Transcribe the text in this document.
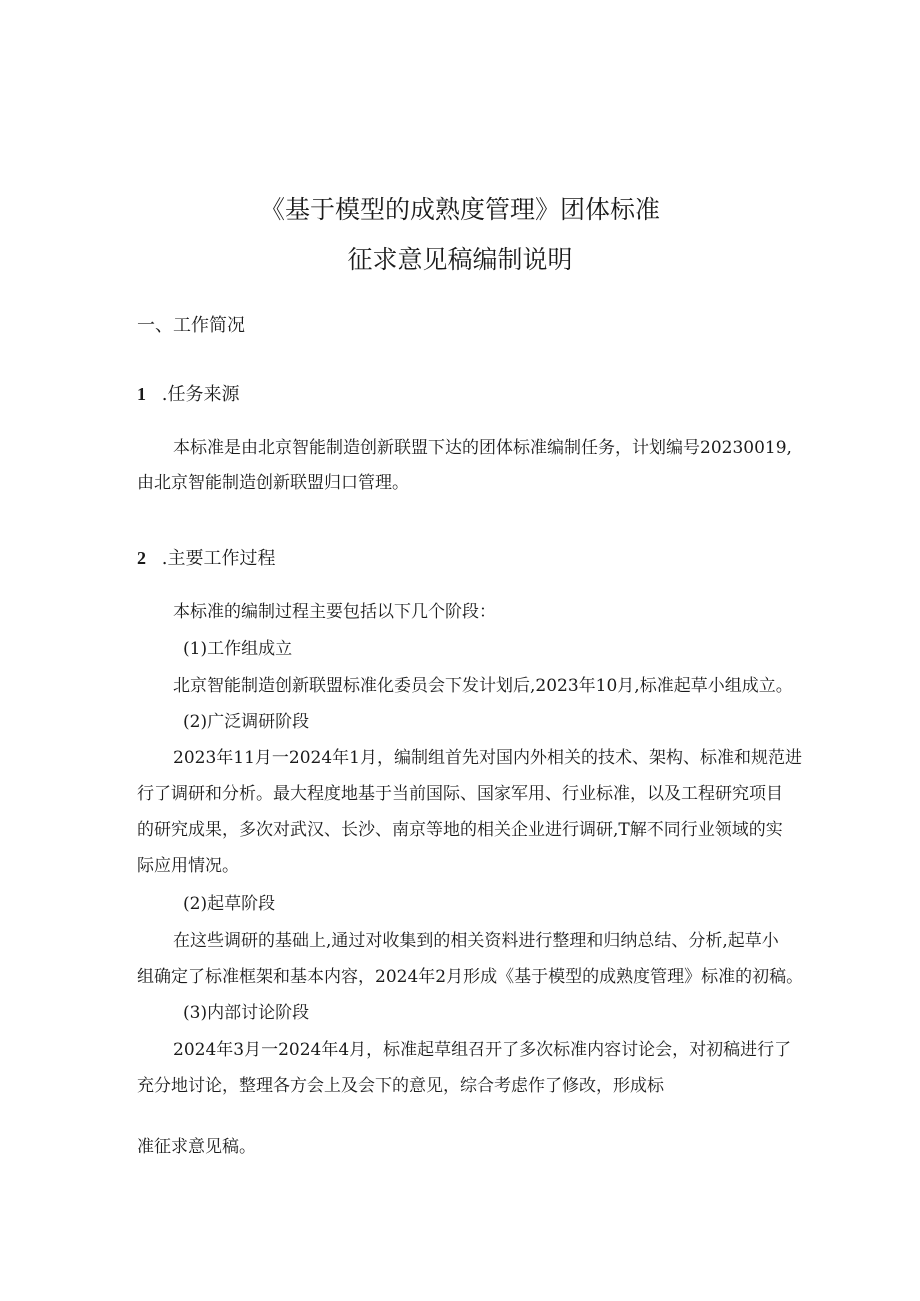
《基于模型的成熟度管理》团体标准
征求意见稿编制说明
一、工作简况
1 .任务来源
本标准是由北京智能制造创新联盟下达的团体标准编制任务，计划编号20230019,
由北京智能制造创新联盟归口管理。
2 .主要工作过程
本标准的编制过程主要包括以下几个阶段：
(1)工作组成立
北京智能制造创新联盟标准化委员会下发计划后,2023年10月,标准起草小组成立。
(2)广泛调研阶段
2023年11月一2024年1月，编制组首先对国内外相关的技术、架构、标准和规范进
行了调研和分析。最大程度地基于当前国际、国家军用、行业标准，以及工程研究项目
的研究成果，多次对武汉、长沙、南京等地的相关企业进行调研,T解不同行业领域的实
际应用情况。
(2)起草阶段
在这些调研的基础上,通过对收集到的相关资料进行整理和归纳总结、分析,起草小
组确定了标准框架和基本内容，2024年2月形成《基于模型的成熟度管理》标准的初稿。
(3)内部讨论阶段
2024年3月一2024年4月，标准起草组召开了多次标准内容讨论会，对初稿进行了
充分地讨论，整理各方会上及会下的意见，综合考虑作了修改，形成标
准征求意见稿。
